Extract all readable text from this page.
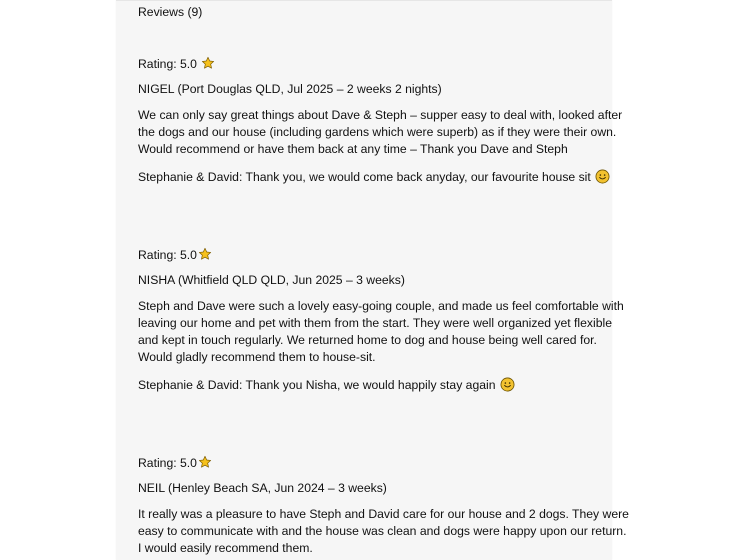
Reviews (9)
Rating: 5.0
NIGEL (Port Douglas QLD, Jul 2025 – 2 weeks 2 nights)
We can only say great things about Dave & Steph – supper easy to deal with, looked after
the dogs and our house (including gardens which were superb) as if they were their own.
Would recommend or have them back at any time – Thank you Dave and Steph
Stephanie & David: Thank you, we would come back anyday, our favourite house sit
Rating: 5.0
NISHA (Whitfield QLD QLD, Jun 2025 – 3 weeks)
Steph and Dave were such a lovely easy-going couple, and made us feel comfortable with
leaving our home and pet with them from the start. They were well organized yet flexible
and kept in touch regularly. We returned home to dog and house being well cared for.
Would gladly recommend them to house-sit.
Stephanie & David: Thank you Nisha, we would happily stay again
Rating: 5.0
NEIL (Henley Beach SA, Jun 2024 – 3 weeks)
It really was a pleasure to have Steph and David care for our house and 2 dogs. They were
easy to communicate with and the house was clean and dogs were happy upon our return.
I would easily recommend them.
